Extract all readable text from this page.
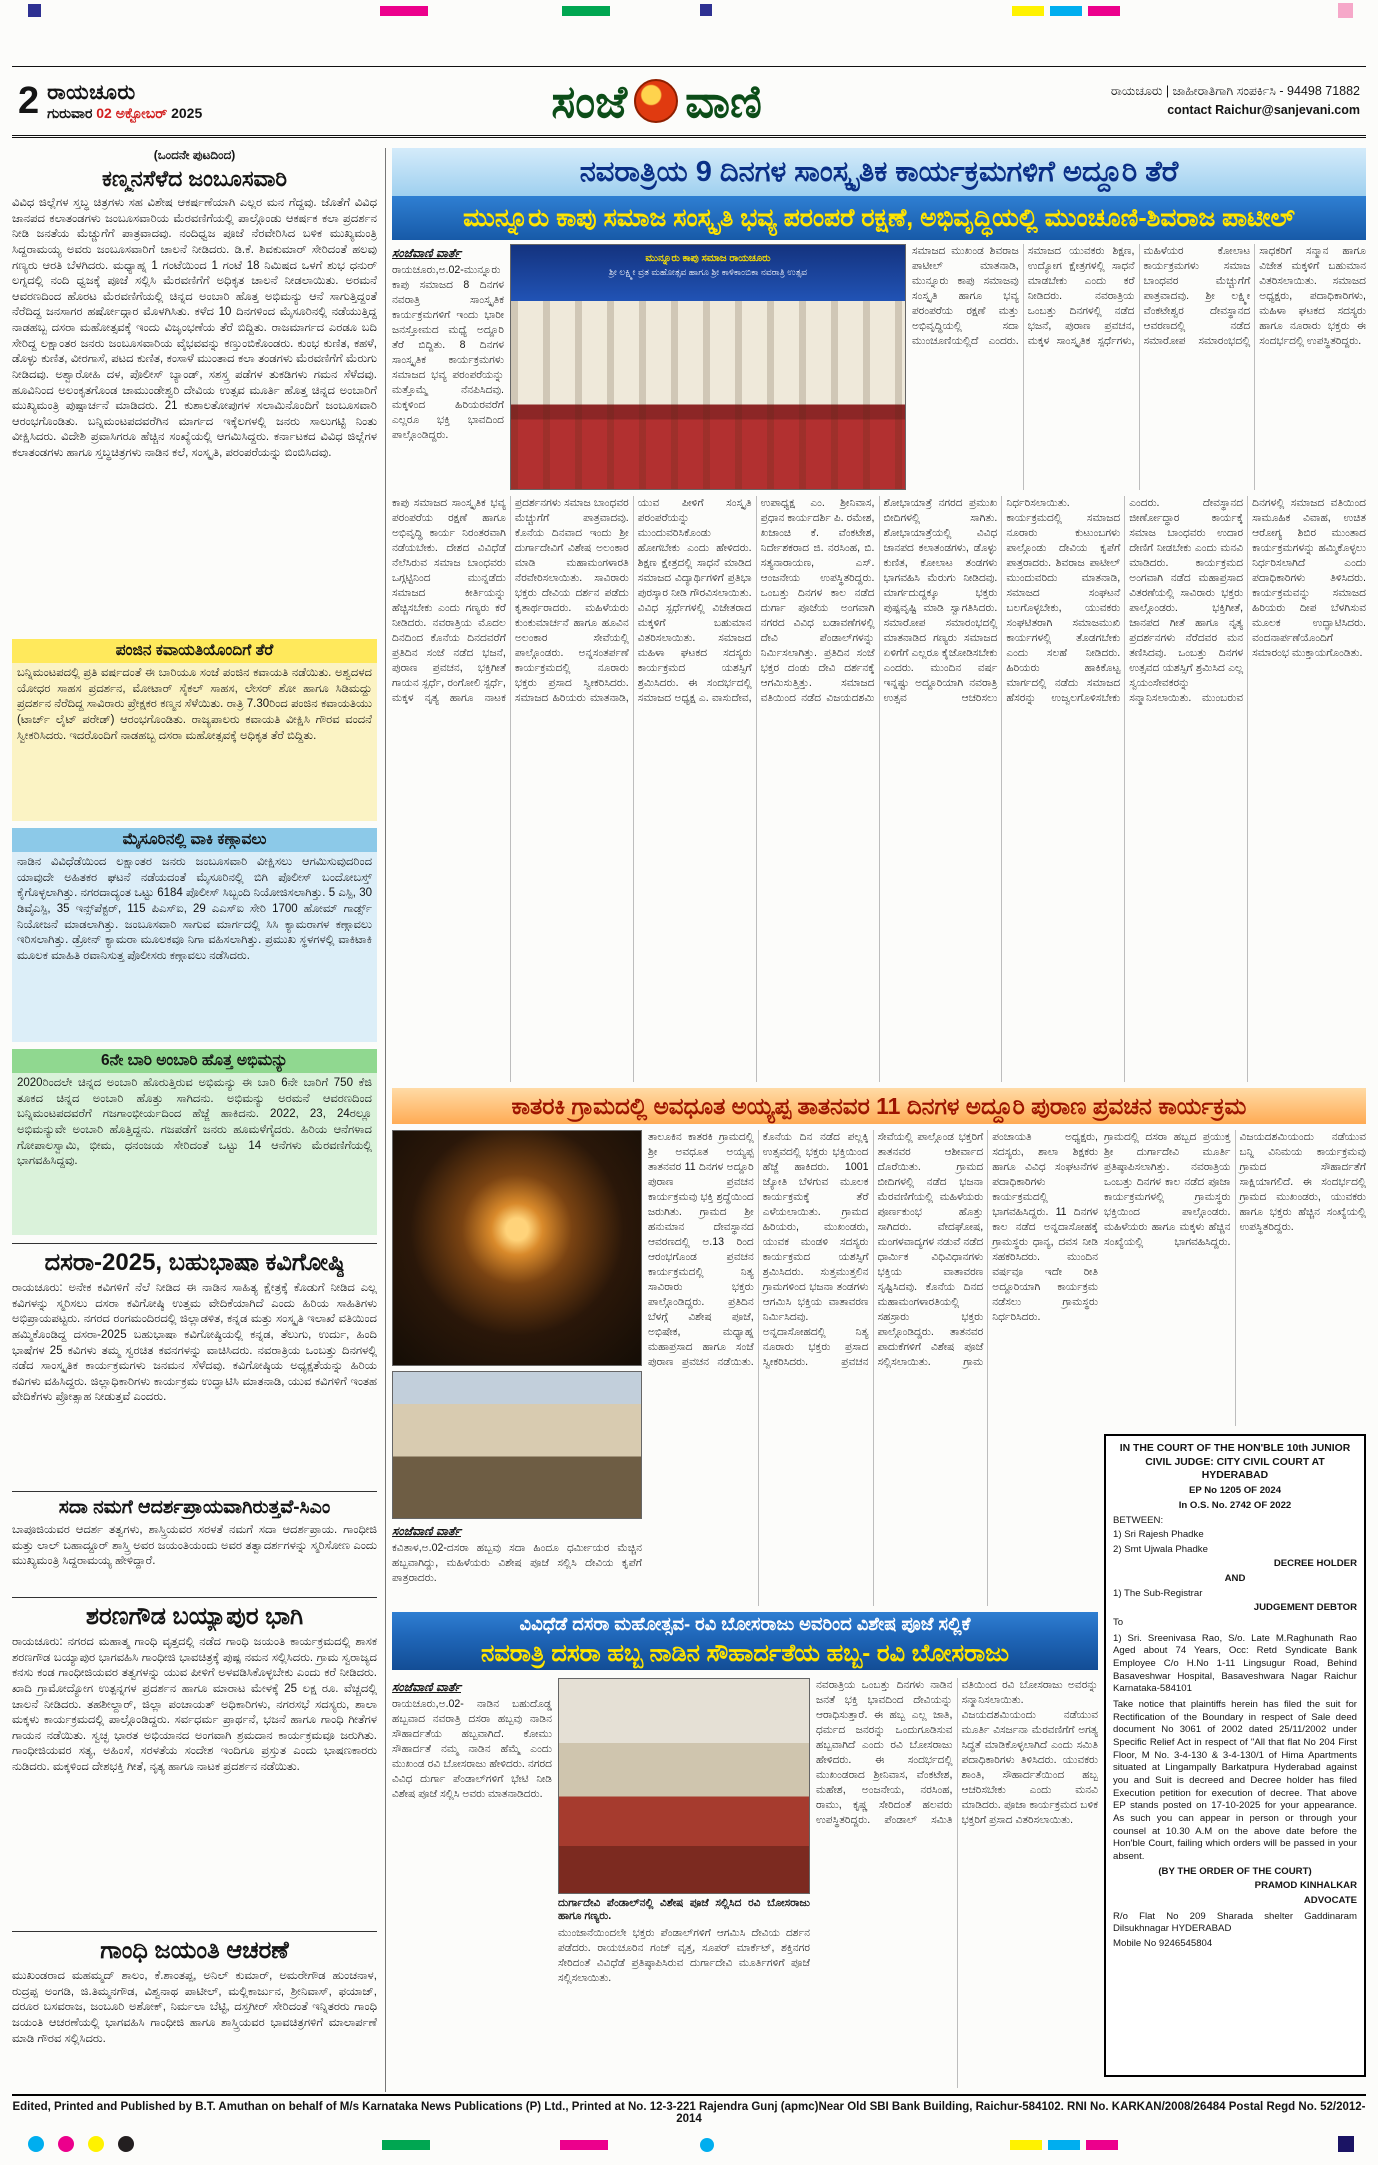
2 ರಾಯಚೂರು
ಗುರುವಾರ 02 ಅಕ್ಟೋಬರ್ 2025	ಸಂಜೆ ವಾಣಿ	ರಾಯಚೂರು | ಜಾಹೀರಾತಿಗಾಗಿ ಸಂಪರ್ಕಿಸಿ - 94498 71882
contact Raichur@sanjevani.com
(ಒಂದನೇ ಪುಟದಿಂದ)
ಕಣ್ಮನಸೆಳೆದ ಜಂಬೂಸವಾರಿ
ವಿವಿಧ ಜಿಲ್ಲೆಗಳ ಸ್ತಬ್ಧ ಚಿತ್ರಗಳು ಸಹ ವಿಶೇಷ ಆಕರ್ಷಣೆಯಾಗಿ ಎಲ್ಲರ ಮನ ಗೆದ್ದವು. ಜೊತೆಗೆ ವಿವಿಧ ಜಾನಪದ ಕಲಾತಂಡಗಳು ಜಂಬೂಸವಾರಿಯ ಮೆರವಣಿಗೆಯಲ್ಲಿ ಪಾಲ್ಗೊಂಡು ಆಕರ್ಷಕ ಕಲಾ ಪ್ರದರ್ಶನ ನೀಡಿ ಜನತೆಯ ಮೆಚ್ಚುಗೆಗೆ ಪಾತ್ರವಾದವು. ನಂದಿಧ್ವಜ ಪೂಜೆ ನೆರವೇರಿಸಿದ ಬಳಿಕ ಮುಖ್ಯಮಂತ್ರಿ ಸಿದ್ದರಾಮಯ್ಯ ಅವರು ಜಂಬೂಸವಾರಿಗೆ ಚಾಲನೆ ನೀಡಿದರು. ಡಿ.ಕೆ. ಶಿವಕುಮಾರ್ ಸೇರಿದಂತೆ ಹಲವು ಗಣ್ಯರು ಆರತಿ ಬೆಳಗಿದರು. ಮಧ್ಯಾಹ್ನ 1 ಗಂಟೆಯಿಂದ 1 ಗಂಟೆ 18 ನಿಮಿಷದ ಒಳಗೆ ಶುಭ ಧನುರ್ ಲಗ್ನದಲ್ಲಿ ನಂದಿ ಧ್ವಜಕ್ಕೆ ಪೂಜೆ ಸಲ್ಲಿಸಿ ಮೆರವಣಿಗೆಗೆ ಅಧಿಕೃತ ಚಾಲನೆ ನೀಡಲಾಯಿತು. ಅರಮನೆ ಆವರಣದಿಂದ ಹೊರಟ ಮೆರವಣಿಗೆಯಲ್ಲಿ ಚಿನ್ನದ ಅಂಬಾರಿ ಹೊತ್ತ ಅಭಿಮನ್ಯು ಆನೆ ಸಾಗುತ್ತಿದ್ದಂತೆ ನೆರೆದಿದ್ದ ಜನಸಾಗರ ಹರ್ಷೋದ್ಗಾರ ಮೊಳಗಿಸಿತು. ಕಳೆದ 10 ದಿನಗಳಿಂದ ಮೈಸೂರಿನಲ್ಲಿ ನಡೆಯುತ್ತಿದ್ದ ನಾಡಹಬ್ಬ ದಸರಾ ಮಹೋತ್ಸವಕ್ಕೆ ಇಂದು ವಿಜೃಂಭಣೆಯ ತೆರೆ ಬಿದ್ದಿತು. ರಾಜಮಾರ್ಗದ ಎರಡೂ ಬದಿ ಸೇರಿದ್ದ ಲಕ್ಷಾಂತರ ಜನರು ಜಂಬೂಸವಾರಿಯ ವೈಭವವನ್ನು ಕಣ್ತುಂಬಿಕೊಂಡರು. ಕುಂಭ ಕುಣಿತ, ಕಹಳೆ, ಡೊಳ್ಳು ಕುಣಿತ, ವೀರಗಾಸೆ, ಪಟದ ಕುಣಿತ, ಕಂಸಾಳೆ ಮುಂತಾದ ಕಲಾ ತಂಡಗಳು ಮೆರವಣಿಗೆಗೆ ಮೆರುಗು ನೀಡಿದವು. ಅಶ್ವಾರೋಹಿ ದಳ, ಪೊಲೀಸ್ ಬ್ಯಾಂಡ್, ಸಶಸ್ತ್ರ ಪಡೆಗಳ ತುಕಡಿಗಳು ಗಮನ ಸೆಳೆದವು. ಹೂವಿನಿಂದ ಅಲಂಕೃತಗೊಂಡ ಚಾಮುಂಡೇಶ್ವರಿ ದೇವಿಯ ಉತ್ಸವ ಮೂರ್ತಿ ಹೊತ್ತ ಚಿನ್ನದ ಅಂಬಾರಿಗೆ ಮುಖ್ಯಮಂತ್ರಿ ಪುಷ್ಪಾರ್ಚನೆ ಮಾಡಿದರು. 21 ಕುಶಾಲತೋಪುಗಳ ಸಲಾಮಿನೊಂದಿಗೆ ಜಂಬೂಸವಾರಿ ಆರಂಭಗೊಂಡಿತು. ಬನ್ನಿಮಂಟಪದವರೆಗಿನ ಮಾರ್ಗದ ಇಕ್ಕೆಲಗಳಲ್ಲಿ ಜನರು ಸಾಲುಗಟ್ಟಿ ನಿಂತು ವೀಕ್ಷಿಸಿದರು. ವಿದೇಶಿ ಪ್ರವಾಸಿಗರೂ ಹೆಚ್ಚಿನ ಸಂಖ್ಯೆಯಲ್ಲಿ ಆಗಮಿಸಿದ್ದರು. ಕರ್ನಾಟಕದ ವಿವಿಧ ಜಿಲ್ಲೆಗಳ ಕಲಾತಂಡಗಳು ಹಾಗೂ ಸ್ತಬ್ಧಚಿತ್ರಗಳು ನಾಡಿನ ಕಲೆ, ಸಂಸ್ಕೃತಿ, ಪರಂಪರೆಯನ್ನು ಬಿಂಬಿಸಿದವು.
ಪಂಜಿನ ಕವಾಯತಿಯೊಂದಿಗೆ ತೆರೆ
ಬನ್ನಿಮಂಟಪದಲ್ಲಿ ಪ್ರತಿ ವರ್ಷದಂತೆ ಈ ಬಾರಿಯೂ ಸಂಜೆ ಪಂಜಿನ ಕವಾಯತಿ ನಡೆಯಿತು. ಅಶ್ವದಳದ ಯೋಧರ ಸಾಹಸ ಪ್ರದರ್ಶನ, ಮೋಟಾರ್ ಸೈಕಲ್ ಸಾಹಸ, ಲೇಸರ್ ಶೋ ಹಾಗೂ ಸಿಡಿಮದ್ದು ಪ್ರದರ್ಶನ ನೆರೆದಿದ್ದ ಸಾವಿರಾರು ಪ್ರೇಕ್ಷಕರ ಕಣ್ಮನ ಸೆಳೆಯಿತು. ರಾತ್ರಿ 7.30ರಿಂದ ಪಂಜಿನ ಕವಾಯತಿಯು (ಟಾರ್ಚ್ ಲೈಟ್ ಪರೇಡ್) ಆರಂಭಗೊಂಡಿತು. ರಾಜ್ಯಪಾಲರು ಕವಾಯತಿ ವೀಕ್ಷಿಸಿ ಗೌರವ ವಂದನೆ ಸ್ವೀಕರಿಸಿದರು. ಇದರೊಂದಿಗೆ ನಾಡಹಬ್ಬ ದಸರಾ ಮಹೋತ್ಸವಕ್ಕೆ ಅಧಿಕೃತ ತೆರೆ ಬಿದ್ದಿತು.
ಮೈಸೂರಿನಲ್ಲಿ ವಾಕಿ ಕಣ್ಗಾವಲು
ನಾಡಿನ ವಿವಿಧೆಡೆಯಿಂದ ಲಕ್ಷಾಂತರ ಜನರು ಜಂಬೂಸವಾರಿ ವೀಕ್ಷಿಸಲು ಆಗಮಿಸುವುದರಿಂದ ಯಾವುದೇ ಅಹಿತಕರ ಘಟನೆ ನಡೆಯದಂತೆ ಮೈಸೂರಿನಲ್ಲಿ ಬಿಗಿ ಪೊಲೀಸ್ ಬಂದೋಬಸ್ತ್ ಕೈಗೊಳ್ಳಲಾಗಿತ್ತು. ನಗರದಾದ್ಯಂತ ಒಟ್ಟು 6184 ಪೊಲೀಸ್ ಸಿಬ್ಬಂದಿ ನಿಯೋಜಿಸಲಾಗಿತ್ತು. 5 ಎಸ್ಪಿ, 30 ಡಿವೈಎಸ್ಪಿ, 35 ಇನ್ಸ್‌ಪೆಕ್ಟರ್, 115 ಪಿಎಸ್ಐ, 29 ಎಎಸ್ಐ ಸೇರಿ 1700 ಹೋಮ್ ಗಾರ್ಡ್ಸ್ ನಿಯೋಜನೆ ಮಾಡಲಾಗಿತ್ತು. ಜಂಬೂಸವಾರಿ ಸಾಗುವ ಮಾರ್ಗದಲ್ಲಿ ಸಿಸಿ ಕ್ಯಾಮರಾಗಳ ಕಣ್ಗಾವಲು ಇರಿಸಲಾಗಿತ್ತು. ಡ್ರೋನ್ ಕ್ಯಾಮರಾ ಮೂಲಕವೂ ನಿಗಾ ವಹಿಸಲಾಗಿತ್ತು. ಪ್ರಮುಖ ಸ್ಥಳಗಳಲ್ಲಿ ವಾಕಿಟಾಕಿ ಮೂಲಕ ಮಾಹಿತಿ ರವಾನಿಸುತ್ತ ಪೊಲೀಸರು ಕಣ್ಗಾವಲು ನಡೆಸಿದರು.
6ನೇ ಬಾರಿ ಅಂಬಾರಿ ಹೊತ್ತ ಅಭಿಮನ್ಯು
2020ರಿಂದಲೇ ಚಿನ್ನದ ಅಂಬಾರಿ ಹೊರುತ್ತಿರುವ ಅಭಿಮನ್ಯು ಈ ಬಾರಿ 6ನೇ ಬಾರಿಗೆ 750 ಕೆಜಿ ತೂಕದ ಚಿನ್ನದ ಅಂಬಾರಿ ಹೊತ್ತು ಸಾಗಿದನು. ಅಭಿಮನ್ಯು ಅರಮನೆ ಆವರಣದಿಂದ ಬನ್ನಿಮಂಟಪದವರೆಗೆ ಗಜಗಾಂಭೀರ್ಯದಿಂದ ಹೆಜ್ಜೆ ಹಾಕಿದನು. 2022, 23, 24ರಲ್ಲೂ ಅಭಿಮನ್ಯುವೇ ಅಂಬಾರಿ ಹೊತ್ತಿದ್ದನು. ಗಜಪಡೆಗೆ ಜನರು ಹೂಮಳೆಗೈದರು. ಹಿರಿಯ ಆನೆಗಳಾದ ಗೋಪಾಲಸ್ವಾಮಿ, ಭೀಮ, ಧನಂಜಯ ಸೇರಿದಂತೆ ಒಟ್ಟು 14 ಆನೆಗಳು ಮೆರವಣಿಗೆಯಲ್ಲಿ ಭಾಗವಹಿಸಿದ್ದವು.
ದಸರಾ-2025, ಬಹುಭಾಷಾ ಕವಿಗೋಷ್ಠಿ
ರಾಯಚೂರು: ಅನೇಕ ಕವಿಗಳಿಗೆ ನೆಲೆ ನೀಡಿದ ಈ ನಾಡಿನ ಸಾಹಿತ್ಯ ಕ್ಷೇತ್ರಕ್ಕೆ ಕೊಡುಗೆ ನೀಡಿದ ಎಲ್ಲ ಕವಿಗಳನ್ನು ಸ್ಮರಿಸಲು ದಸರಾ ಕವಿಗೋಷ್ಠಿ ಉತ್ತಮ ವೇದಿಕೆಯಾಗಿದೆ ಎಂದು ಹಿರಿಯ ಸಾಹಿತಿಗಳು ಅಭಿಪ್ರಾಯಪಟ್ಟರು. ನಗರದ ರಂಗಮಂದಿರದಲ್ಲಿ ಜಿಲ್ಲಾಡಳಿತ, ಕನ್ನಡ ಮತ್ತು ಸಂಸ್ಕೃತಿ ಇಲಾಖೆ ವತಿಯಿಂದ ಹಮ್ಮಿಕೊಂಡಿದ್ದ ದಸರಾ-2025 ಬಹುಭಾಷಾ ಕವಿಗೋಷ್ಠಿಯಲ್ಲಿ ಕನ್ನಡ, ತೆಲುಗು, ಉರ್ದು, ಹಿಂದಿ ಭಾಷೆಗಳ 25 ಕವಿಗಳು ತಮ್ಮ ಸ್ವರಚಿತ ಕವನಗಳನ್ನು ವಾಚಿಸಿದರು. ನವರಾತ್ರಿಯ ಒಂಬತ್ತು ದಿನಗಳಲ್ಲಿ ನಡೆದ ಸಾಂಸ್ಕೃತಿಕ ಕಾರ್ಯಕ್ರಮಗಳು ಜನಮನ ಸೆಳೆದವು. ಕವಿಗೋಷ್ಠಿಯ ಅಧ್ಯಕ್ಷತೆಯನ್ನು ಹಿರಿಯ ಕವಿಗಳು ವಹಿಸಿದ್ದರು. ಜಿಲ್ಲಾಧಿಕಾರಿಗಳು ಕಾರ್ಯಕ್ರಮ ಉದ್ಘಾಟಿಸಿ ಮಾತನಾಡಿ, ಯುವ ಕವಿಗಳಿಗೆ ಇಂತಹ ವೇದಿಕೆಗಳು ಪ್ರೋತ್ಸಾಹ ನೀಡುತ್ತವೆ ಎಂದರು.
ಸದಾ ನಮಗೆ ಆದರ್ಶಪ್ರಾಯವಾಗಿರುತ್ತವೆ-ಸಿಎಂ
ಬಾಪೂಜಿಯವರ ಆದರ್ಶ ತತ್ವಗಳು, ಶಾಸ್ತ್ರಿಯವರ ಸರಳತೆ ನಮಗೆ ಸದಾ ಆದರ್ಶಪ್ರಾಯ. ಗಾಂಧೀಜಿ ಮತ್ತು ಲಾಲ್ ಬಹಾದ್ದೂರ್ ಶಾಸ್ತ್ರಿ ಅವರ ಜಯಂತಿಯಂದು ಅವರ ತತ್ವಾದರ್ಶಗಳನ್ನು ಸ್ಮರಿಸೋಣ ಎಂದು ಮುಖ್ಯಮಂತ್ರಿ ಸಿದ್ದರಾಮಯ್ಯ ಹೇಳಿದ್ದಾರೆ.
ಶರಣಗೌಡ ಬಯ್ಯಾಪುರ ಭಾಗಿ
ರಾಯಚೂರು: ನಗರದ ಮಹಾತ್ಮ ಗಾಂಧಿ ವೃತ್ತದಲ್ಲಿ ನಡೆದ ಗಾಂಧಿ ಜಯಂತಿ ಕಾರ್ಯಕ್ರಮದಲ್ಲಿ ಶಾಸಕ ಶರಣಗೌಡ ಬಯ್ಯಾಪುರ ಭಾಗವಹಿಸಿ ಗಾಂಧೀಜಿ ಭಾವಚಿತ್ರಕ್ಕೆ ಪುಷ್ಪ ನಮನ ಸಲ್ಲಿಸಿದರು. ಗ್ರಾಮ ಸ್ವರಾಜ್ಯದ ಕನಸು ಕಂಡ ಗಾಂಧೀಜಿಯವರ ತತ್ವಗಳನ್ನು ಯುವ ಪೀಳಿಗೆ ಅಳವಡಿಸಿಕೊಳ್ಳಬೇಕು ಎಂದು ಕರೆ ನೀಡಿದರು. ಖಾದಿ ಗ್ರಾಮೋದ್ಯೋಗ ಉತ್ಪನ್ನಗಳ ಪ್ರದರ್ಶನ ಹಾಗೂ ಮಾರಾಟ ಮೇಳಕ್ಕೆ 25 ಲಕ್ಷ ರೂ. ವೆಚ್ಚದಲ್ಲಿ ಚಾಲನೆ ನೀಡಿದರು. ತಹಶೀಲ್ದಾರ್, ಜಿಲ್ಲಾ ಪಂಚಾಯತ್ ಅಧಿಕಾರಿಗಳು, ನಗರಸಭೆ ಸದಸ್ಯರು, ಶಾಲಾ ಮಕ್ಕಳು ಕಾರ್ಯಕ್ರಮದಲ್ಲಿ ಪಾಲ್ಗೊಂಡಿದ್ದರು. ಸರ್ವಧರ್ಮ ಪ್ರಾರ್ಥನೆ, ಭಜನೆ ಹಾಗೂ ಗಾಂಧಿ ಗೀತೆಗಳ ಗಾಯನ ನಡೆಯಿತು. ಸ್ವಚ್ಛ ಭಾರತ ಅಭಿಯಾನದ ಅಂಗವಾಗಿ ಶ್ರಮದಾನ ಕಾರ್ಯಕ್ರಮವೂ ಜರುಗಿತು. ಗಾಂಧೀಜಿಯವರ ಸತ್ಯ, ಅಹಿಂಸೆ, ಸರಳತೆಯ ಸಂದೇಶ ಇಂದಿಗೂ ಪ್ರಸ್ತುತ ಎಂದು ಭಾಷಣಕಾರರು ನುಡಿದರು. ಮಕ್ಕಳಿಂದ ದೇಶಭಕ್ತಿ ಗೀತೆ, ನೃತ್ಯ ಹಾಗೂ ನಾಟಕ ಪ್ರದರ್ಶನ ನಡೆಯಿತು.
ಗಾಂಧಿ ಜಯಂತಿ ಆಚರಣೆ
ಮುಖಂಡರಾದ ಮಹಮ್ಮದ್ ಶಾಲಂ, ಕೆ.ಶಾಂತಪ್ಪ, ಅನಿಲ್ ಕುಮಾರ್, ಅಮರೇಗೌಡ ಹುಂಚನಾಳ, ರುದ್ರಪ್ಪ ಅಂಗಡಿ, ಜಿ.ತಿಮ್ಮನಗೌಡ, ವಿಶ್ವನಾಥ ಪಾಟೀಲ್, ಮಲ್ಲಿಕಾರ್ಜುನ, ಶ್ರೀನಿವಾಸ್, ಫಯಾಜ್, ದರೂರ ಬಸವರಾಜ, ಜಂಬೂರಿ ಅಶೋಕ್, ನಿರ್ಮಲಾ ಬೆಟ್ಟಿ, ದಸ್ತಗೀರ್ ಸೇರಿದಂತೆ ಇನ್ನಿತರರು ಗಾಂಧಿ ಜಯಂತಿ ಆಚರಣೆಯಲ್ಲಿ ಭಾಗವಹಿಸಿ ಗಾಂಧೀಜಿ ಹಾಗೂ ಶಾಸ್ತ್ರಿಯವರ ಭಾವಚಿತ್ರಗಳಿಗೆ ಮಾಲಾರ್ಪಣೆ ಮಾಡಿ ಗೌರವ ಸಲ್ಲಿಸಿದರು.
ನವರಾತ್ರಿಯ 9 ದಿನಗಳ ಸಾಂಸ್ಕೃತಿಕ ಕಾರ್ಯಕ್ರಮಗಳಿಗೆ ಅದ್ದೂರಿ ತೆರೆ
ಮುನ್ನೂರು ಕಾಪು ಸಮಾಜ ಸಂಸ್ಕೃತಿ ಭವ್ಯ ಪರಂಪರೆ ರಕ್ಷಣೆ, ಅಭಿವೃದ್ಧಿಯಲ್ಲಿ ಮುಂಚೂಣಿ-ಶಿವರಾಜ ಪಾಟೀಲ್
ಸಂಜೆವಾಣಿ ವಾರ್ತೆ
ರಾಯಚೂರು,ಅ.02-ಮುನ್ನೂರು ಕಾಪು ಸಮಾಜದ 8 ದಿನಗಳ ನವರಾತ್ರಿ ಸಾಂಸ್ಕೃತಿಕ ಕಾರ್ಯಕ್ರಮಗಳಿಗೆ ಇಂದು ಭಾರೀ ಜನಸ್ತೋಮದ ಮಧ್ಯೆ ಅದ್ದೂರಿ ತೆರೆ ಬಿದ್ದಿತು. 8 ದಿನಗಳ ಸಾಂಸ್ಕೃತಿಕ ಕಾರ್ಯಕ್ರಮಗಳು ಸಮಾಜದ ಭವ್ಯ ಪರಂಪರೆಯನ್ನು ಮತ್ತೊಮ್ಮೆ ನೆನಪಿಸಿದವು. ಮಕ್ಕಳಿಂದ ಹಿರಿಯರವರೆಗೆ ಎಲ್ಲರೂ ಭಕ್ತಿ ಭಾವದಿಂದ ಪಾಲ್ಗೊಂಡಿದ್ದರು.
ಮುನ್ನೂರು ಕಾಪು ಸಮಾಜ ರಾಯಚೂರು
ಶ್ರೀ ಲಕ್ಷ್ಮೀ ವ್ರತ ಮಹೋತ್ಸವ ಹಾಗೂ ಶ್ರೀ ಕಾಳಿಕಾಂಬಿಕಾ ನವರಾತ್ರಿ ಉತ್ಸವ
ಸಮಾಜದ ಮುಖಂಡ ಶಿವರಾಜ ಪಾಟೀಲ್ ಮಾತನಾಡಿ, ಮುನ್ನೂರು ಕಾಪು ಸಮಾಜವು ಸಂಸ್ಕೃತಿ ಹಾಗೂ ಭವ್ಯ ಪರಂಪರೆಯ ರಕ್ಷಣೆ ಮತ್ತು ಅಭಿವೃದ್ಧಿಯಲ್ಲಿ ಸದಾ ಮುಂಚೂಣಿಯಲ್ಲಿದೆ ಎಂದರು. ಸಮಾಜದ ಯುವಕರು ಶಿಕ್ಷಣ, ಉದ್ಯೋಗ ಕ್ಷೇತ್ರಗಳಲ್ಲಿ ಸಾಧನೆ ಮಾಡಬೇಕು ಎಂದು ಕರೆ ನೀಡಿದರು. ನವರಾತ್ರಿಯ ಒಂಬತ್ತು ದಿನಗಳಲ್ಲಿ ನಡೆದ ಭಜನೆ, ಪುರಾಣ ಪ್ರವಚನ, ಮಕ್ಕಳ ಸಾಂಸ್ಕೃತಿಕ ಸ್ಪರ್ಧೆಗಳು, ಮಹಿಳೆಯರ ಕೋಲಾಟ ಕಾರ್ಯಕ್ರಮಗಳು ಸಮಾಜ ಬಾಂಧವರ ಮೆಚ್ಚುಗೆಗೆ ಪಾತ್ರವಾದವು. ಶ್ರೀ ಲಕ್ಷ್ಮೀ ವೆಂಕಟೇಶ್ವರ ದೇವಸ್ಥಾನದ ಆವರಣದಲ್ಲಿ ನಡೆದ ಸಮಾರೋಪ ಸಮಾರಂಭದಲ್ಲಿ ಸಾಧಕರಿಗೆ ಸನ್ಮಾನ ಹಾಗೂ ವಿಜೇತ ಮಕ್ಕಳಿಗೆ ಬಹುಮಾನ ವಿತರಿಸಲಾಯಿತು. ಸಮಾಜದ ಅಧ್ಯಕ್ಷರು, ಪದಾಧಿಕಾರಿಗಳು, ಮಹಿಳಾ ಘಟಕದ ಸದಸ್ಯರು ಹಾಗೂ ನೂರಾರು ಭಕ್ತರು ಈ ಸಂದರ್ಭದಲ್ಲಿ ಉಪಸ್ಥಿತರಿದ್ದರು.
ಕಾಪು ಸಮಾಜದ ಸಾಂಸ್ಕೃತಿಕ ಭವ್ಯ ಪರಂಪರೆಯ ರಕ್ಷಣೆ ಹಾಗೂ ಅಭಿವೃದ್ಧಿ ಕಾರ್ಯ ನಿರಂತರವಾಗಿ ನಡೆಯಬೇಕು. ದೇಶದ ವಿವಿಧೆಡೆ ನೆಲೆಸಿರುವ ಸಮಾಜ ಬಾಂಧವರು ಒಗ್ಗಟ್ಟಿನಿಂದ ಮುನ್ನಡೆದು ಸಮಾಜದ ಕೀರ್ತಿಯನ್ನು ಹೆಚ್ಚಿಸಬೇಕು ಎಂದು ಗಣ್ಯರು ಕರೆ ನೀಡಿದರು. ನವರಾತ್ರಿಯ ಮೊದಲ ದಿನದಿಂದ ಕೊನೆಯ ದಿನದವರೆಗೆ ಪ್ರತಿದಿನ ಸಂಜೆ ನಡೆದ ಭಜನೆ, ಪುರಾಣ ಪ್ರವಚನ, ಭಕ್ತಿಗೀತೆ ಗಾಯನ ಸ್ಪರ್ಧೆ, ರಂಗೋಲಿ ಸ್ಪರ್ಧೆ, ಮಕ್ಕಳ ನೃತ್ಯ ಹಾಗೂ ನಾಟಕ ಪ್ರದರ್ಶನಗಳು ಸಮಾಜ ಬಾಂಧವರ ಮೆಚ್ಚುಗೆಗೆ ಪಾತ್ರವಾದವು. ಕೊನೆಯ ದಿನವಾದ ಇಂದು ಶ್ರೀ ದುರ್ಗಾದೇವಿಗೆ ವಿಶೇಷ ಅಲಂಕಾರ ಮಾಡಿ ಮಹಾಮಂಗಳಾರತಿ ನೆರವೇರಿಸಲಾಯಿತು. ಸಾವಿರಾರು ಭಕ್ತರು ದೇವಿಯ ದರ್ಶನ ಪಡೆದು ಕೃತಾರ್ಥರಾದರು. ಮಹಿಳೆಯರು ಕುಂಕುಮಾರ್ಚನೆ ಹಾಗೂ ಹೂವಿನ ಅಲಂಕಾರ ಸೇವೆಯಲ್ಲಿ ಪಾಲ್ಗೊಂಡರು. ಅನ್ನಸಂತರ್ಪಣೆ ಕಾರ್ಯಕ್ರಮದಲ್ಲಿ ನೂರಾರು ಭಕ್ತರು ಪ್ರಸಾದ ಸ್ವೀಕರಿಸಿದರು. ಸಮಾಜದ ಹಿರಿಯರು ಮಾತನಾಡಿ, ಯುವ ಪೀಳಿಗೆ ಸಂಸ್ಕೃತಿ ಪರಂಪರೆಯನ್ನು ಮುಂದುವರಿಸಿಕೊಂಡು ಹೋಗಬೇಕು ಎಂದು ಹೇಳಿದರು. ಶಿಕ್ಷಣ ಕ್ಷೇತ್ರದಲ್ಲಿ ಸಾಧನೆ ಮಾಡಿದ ಸಮಾಜದ ವಿದ್ಯಾರ್ಥಿಗಳಿಗೆ ಪ್ರತಿಭಾ ಪುರಸ್ಕಾರ ನೀಡಿ ಗೌರವಿಸಲಾಯಿತು. ವಿವಿಧ ಸ್ಪರ್ಧೆಗಳಲ್ಲಿ ವಿಜೇತರಾದ ಮಕ್ಕಳಿಗೆ ಬಹುಮಾನ ವಿತರಿಸಲಾಯಿತು. ಸಮಾಜದ ಮಹಿಳಾ ಘಟಕದ ಸದಸ್ಯರು ಕಾರ್ಯಕ್ರಮದ ಯಶಸ್ಸಿಗೆ ಶ್ರಮಿಸಿದರು. ಈ ಸಂದರ್ಭದಲ್ಲಿ ಸಮಾಜದ ಅಧ್ಯಕ್ಷ ಎ. ವಾಸುದೇವ, ಉಪಾಧ್ಯಕ್ಷ ಎಂ. ಶ್ರೀನಿವಾಸ, ಪ್ರಧಾನ ಕಾರ್ಯದರ್ಶಿ ಪಿ. ರಮೇಶ, ಖಜಾಂಚಿ ಕೆ. ವೆಂಕಟೇಶ, ನಿರ್ದೇಶಕರಾದ ಜಿ. ನರಸಿಂಹ, ಬಿ. ಸತ್ಯನಾರಾಯಣ, ಎಸ್. ಆಂಜನೇಯ ಉಪಸ್ಥಿತರಿದ್ದರು. ಒಂಬತ್ತು ದಿನಗಳ ಕಾಲ ನಡೆದ ದುರ್ಗಾ ಪೂಜೆಯ ಅಂಗವಾಗಿ ನಗರದ ವಿವಿಧ ಬಡಾವಣೆಗಳಲ್ಲಿ ದೇವಿ ಪೆಂಡಾಲ್‌ಗಳನ್ನು ನಿರ್ಮಿಸಲಾಗಿತ್ತು. ಪ್ರತಿದಿನ ಸಂಜೆ ಭಕ್ತರ ದಂಡು ದೇವಿ ದರ್ಶನಕ್ಕೆ ಆಗಮಿಸುತ್ತಿತ್ತು. ಸಮಾಜದ ವತಿಯಿಂದ ನಡೆದ ವಿಜಯದಶಮಿ ಶೋಭಾಯಾತ್ರೆ ನಗರದ ಪ್ರಮುಖ ಬೀದಿಗಳಲ್ಲಿ ಸಾಗಿತು. ಶೋಭಾಯಾತ್ರೆಯಲ್ಲಿ ವಿವಿಧ ಜಾನಪದ ಕಲಾತಂಡಗಳು, ಡೊಳ್ಳು ಕುಣಿತ, ಕೋಲಾಟ ತಂಡಗಳು ಭಾಗವಹಿಸಿ ಮೆರುಗು ನೀಡಿದವು. ಮಾರ್ಗದುದ್ದಕ್ಕೂ ಭಕ್ತರು ಪುಷ್ಪವೃಷ್ಟಿ ಮಾಡಿ ಸ್ವಾಗತಿಸಿದರು. ಸಮಾರೋಪ ಸಮಾರಂಭದಲ್ಲಿ ಮಾತನಾಡಿದ ಗಣ್ಯರು ಸಮಾಜದ ಏಳಿಗೆಗೆ ಎಲ್ಲರೂ ಕೈಜೋಡಿಸಬೇಕು ಎಂದರು. ಮುಂದಿನ ವರ್ಷ ಇನ್ನಷ್ಟು ಅದ್ದೂರಿಯಾಗಿ ನವರಾತ್ರಿ ಉತ್ಸವ ಆಚರಿಸಲು ನಿರ್ಧರಿಸಲಾಯಿತು. ಕಾರ್ಯಕ್ರಮದಲ್ಲಿ ಸಮಾಜದ ನೂರಾರು ಕುಟುಂಬಗಳು ಪಾಲ್ಗೊಂಡು ದೇವಿಯ ಕೃಪೆಗೆ ಪಾತ್ರರಾದರು. ಶಿವರಾಜ ಪಾಟೀಲ್ ಮುಂದುವರಿದು ಮಾತನಾಡಿ, ಸಮಾಜದ ಸಂಘಟನೆ ಬಲಗೊಳ್ಳಬೇಕು, ಯುವಕರು ಸಂಘಟಿತರಾಗಿ ಸಮಾಜಮುಖಿ ಕಾರ್ಯಗಳಲ್ಲಿ ತೊಡಗಬೇಕು ಎಂದು ಸಲಹೆ ನೀಡಿದರು. ಹಿರಿಯರು ಹಾಕಿಕೊಟ್ಟ ಮಾರ್ಗದಲ್ಲಿ ನಡೆದು ಸಮಾಜದ ಹೆಸರನ್ನು ಉಜ್ವಲಗೊಳಿಸಬೇಕು ಎಂದರು. ದೇವಸ್ಥಾನದ ಜೀರ್ಣೋದ್ಧಾರ ಕಾರ್ಯಕ್ಕೆ ಸಮಾಜ ಬಾಂಧವರು ಉದಾರ ದೇಣಿಗೆ ನೀಡಬೇಕು ಎಂದು ಮನವಿ ಮಾಡಿದರು. ಕಾರ್ಯಕ್ರಮದ ಅಂಗವಾಗಿ ನಡೆದ ಮಹಾಪ್ರಸಾದ ವಿತರಣೆಯಲ್ಲಿ ಸಾವಿರಾರು ಭಕ್ತರು ಪಾಲ್ಗೊಂಡರು. ಭಕ್ತಿಗೀತೆ, ಜಾನಪದ ಗೀತೆ ಹಾಗೂ ನೃತ್ಯ ಪ್ರದರ್ಶನಗಳು ನೆರೆದವರ ಮನ ತಣಿಸಿದವು. ಒಂಬತ್ತು ದಿನಗಳ ಉತ್ಸವದ ಯಶಸ್ಸಿಗೆ ಶ್ರಮಿಸಿದ ಎಲ್ಲ ಸ್ವಯಂಸೇವಕರನ್ನು ಸನ್ಮಾನಿಸಲಾಯಿತು. ಮುಂಬರುವ ದಿನಗಳಲ್ಲಿ ಸಮಾಜದ ವತಿಯಿಂದ ಸಾಮೂಹಿಕ ವಿವಾಹ, ಉಚಿತ ಆರೋಗ್ಯ ಶಿಬಿರ ಮುಂತಾದ ಕಾರ್ಯಕ್ರಮಗಳನ್ನು ಹಮ್ಮಿಕೊಳ್ಳಲು ನಿರ್ಧರಿಸಲಾಗಿದೆ ಎಂದು ಪದಾಧಿಕಾರಿಗಳು ತಿಳಿಸಿದರು. ಕಾರ್ಯಕ್ರಮವನ್ನು ಸಮಾಜದ ಹಿರಿಯರು ದೀಪ ಬೆಳಗಿಸುವ ಮೂಲಕ ಉದ್ಘಾಟಿಸಿದರು. ವಂದನಾರ್ಪಣೆಯೊಂದಿಗೆ ಸಮಾರಂಭ ಮುಕ್ತಾಯಗೊಂಡಿತು.
ಕಾತರಕಿ ಗ್ರಾಮದಲ್ಲಿ ಅವಧೂತ ಅಯ್ಯಪ್ಪ ತಾತನವರ 11 ದಿನಗಳ ಅದ್ದೂರಿ ಪುರಾಣ ಪ್ರವಚನ ಕಾರ್ಯಕ್ರಮ
ಸಂಜೆವಾಣಿ ವಾರ್ತೆ
ಕವಿತಾಳ,ಅ.02-ದಸರಾ ಹಬ್ಬವು ಸದಾ ಹಿಂದೂ ಧರ್ಮೀಯರ ಮೆಚ್ಚಿನ ಹಬ್ಬವಾಗಿದ್ದು, ಮಹಿಳೆಯರು ವಿಶೇಷ ಪೂಜೆ ಸಲ್ಲಿಸಿ ದೇವಿಯ ಕೃಪೆಗೆ ಪಾತ್ರರಾದರು.
ತಾಲೂಕಿನ ಕಾತರಕಿ ಗ್ರಾಮದಲ್ಲಿ ಶ್ರೀ ಅವಧೂತ ಅಯ್ಯಪ್ಪ ತಾತನವರ 11 ದಿನಗಳ ಅದ್ದೂರಿ ಪುರಾಣ ಪ್ರವಚನ ಕಾರ್ಯಕ್ರಮವು ಭಕ್ತಿ ಶ್ರದ್ಧೆಯಿಂದ ಜರುಗಿತು. ಗ್ರಾಮದ ಶ್ರೀ ಹನುಮಾನ ದೇವಸ್ಥಾನದ ಆವರಣದಲ್ಲಿ ಅ.13 ರಿಂದ ಆರಂಭಗೊಂಡ ಪ್ರವಚನ ಕಾರ್ಯಕ್ರಮದಲ್ಲಿ ನಿತ್ಯ ಸಾವಿರಾರು ಭಕ್ತರು ಪಾಲ್ಗೊಂಡಿದ್ದರು. ಪ್ರತಿದಿನ ಬೆಳಗ್ಗೆ ವಿಶೇಷ ಪೂಜೆ, ಅಭಿಷೇಕ, ಮಧ್ಯಾಹ್ನ ಮಹಾಪ್ರಸಾದ ಹಾಗೂ ಸಂಜೆ ಪುರಾಣ ಪ್ರವಚನ ನಡೆಯಿತು. ಕೊನೆಯ ದಿನ ನಡೆದ ಪಲ್ಲಕ್ಕಿ ಉತ್ಸವದಲ್ಲಿ ಭಕ್ತರು ಭಕ್ತಿಯಿಂದ ಹೆಜ್ಜೆ ಹಾಕಿದರು. 1001 ಜ್ಯೋತಿ ಬೆಳಗುವ ಮೂಲಕ ಕಾರ್ಯಕ್ರಮಕ್ಕೆ ತೆರೆ ಎಳೆಯಲಾಯಿತು. ಗ್ರಾಮದ ಹಿರಿಯರು, ಮುಖಂಡರು, ಯುವಕ ಮಂಡಳಿ ಸದಸ್ಯರು ಕಾರ್ಯಕ್ರಮದ ಯಶಸ್ಸಿಗೆ ಶ್ರಮಿಸಿದರು. ಸುತ್ತಮುತ್ತಲಿನ ಗ್ರಾಮಗಳಿಂದ ಭಜನಾ ತಂಡಗಳು ಆಗಮಿಸಿ ಭಕ್ತಿಯ ವಾತಾವರಣ ನಿರ್ಮಿಸಿದವು. ಅನ್ನದಾಸೋಹದಲ್ಲಿ ನಿತ್ಯ ನೂರಾರು ಭಕ್ತರು ಪ್ರಸಾದ ಸ್ವೀಕರಿಸಿದರು. ಪ್ರವಚನ ಸೇವೆಯಲ್ಲಿ ಪಾಲ್ಗೊಂಡ ಭಕ್ತರಿಗೆ ತಾತನವರ ಆಶೀರ್ವಾದ ದೊರೆಯಿತು. ಗ್ರಾಮದ ಬೀದಿಗಳಲ್ಲಿ ನಡೆದ ಭಜನಾ ಮೆರವಣಿಗೆಯಲ್ಲಿ ಮಹಿಳೆಯರು ಪೂರ್ಣಕುಂಭ ಹೊತ್ತು ಸಾಗಿದರು. ವೇದಘೋಷ, ಮಂಗಳವಾದ್ಯಗಳ ನಡುವೆ ನಡೆದ ಧಾರ್ಮಿಕ ವಿಧಿವಿಧಾನಗಳು ಭಕ್ತಿಯ ವಾತಾವರಣ ಸೃಷ್ಟಿಸಿದವು. ಕೊನೆಯ ದಿನದ ಮಹಾಮಂಗಳಾರತಿಯಲ್ಲಿ ಸಹಸ್ರಾರು ಭಕ್ತರು ಪಾಲ್ಗೊಂಡಿದ್ದರು. ತಾತನವರ ಪಾದುಕೆಗಳಿಗೆ ವಿಶೇಷ ಪೂಜೆ ಸಲ್ಲಿಸಲಾಯಿತು. ಗ್ರಾಮ ಪಂಚಾಯತಿ ಅಧ್ಯಕ್ಷರು, ಸದಸ್ಯರು, ಶಾಲಾ ಶಿಕ್ಷಕರು ಹಾಗೂ ವಿವಿಧ ಸಂಘಟನೆಗಳ ಪದಾಧಿಕಾರಿಗಳು ಕಾರ್ಯಕ್ರಮದಲ್ಲಿ ಭಾಗವಹಿಸಿದ್ದರು. 11 ದಿನಗಳ ಕಾಲ ನಡೆದ ಅನ್ನದಾಸೋಹಕ್ಕೆ ಗ್ರಾಮಸ್ಥರು ಧಾನ್ಯ, ದವಸ ನೀಡಿ ಸಹಕರಿಸಿದರು. ಮುಂದಿನ ವರ್ಷವೂ ಇದೇ ರೀತಿ ಅದ್ದೂರಿಯಾಗಿ ಕಾರ್ಯಕ್ರಮ ನಡೆಸಲು ಗ್ರಾಮಸ್ಥರು ನಿರ್ಧರಿಸಿದರು.
ಗ್ರಾಮದಲ್ಲಿ ದಸರಾ ಹಬ್ಬದ ಪ್ರಯುಕ್ತ ಶ್ರೀ ದುರ್ಗಾದೇವಿ ಮೂರ್ತಿ ಪ್ರತಿಷ್ಠಾಪಿಸಲಾಗಿತ್ತು. ನವರಾತ್ರಿಯ ಒಂಬತ್ತು ದಿನಗಳ ಕಾಲ ನಡೆದ ಪೂಜಾ ಕಾರ್ಯಕ್ರಮಗಳಲ್ಲಿ ಗ್ರಾಮಸ್ಥರು ಭಕ್ತಿಯಿಂದ ಪಾಲ್ಗೊಂಡರು. ಮಹಿಳೆಯರು ಹಾಗೂ ಮಕ್ಕಳು ಹೆಚ್ಚಿನ ಸಂಖ್ಯೆಯಲ್ಲಿ ಭಾಗವಹಿಸಿದ್ದರು. ವಿಜಯದಶಮಿಯಂದು ನಡೆಯುವ ಬನ್ನಿ ವಿನಿಮಯ ಕಾರ್ಯಕ್ರಮವು ಗ್ರಾಮದ ಸೌಹಾರ್ದತೆಗೆ ಸಾಕ್ಷಿಯಾಗಲಿದೆ. ಈ ಸಂದರ್ಭದಲ್ಲಿ ಗ್ರಾಮದ ಮುಖಂಡರು, ಯುವಕರು ಹಾಗೂ ಭಕ್ತರು ಹೆಚ್ಚಿನ ಸಂಖ್ಯೆಯಲ್ಲಿ ಉಪಸ್ಥಿತರಿದ್ದರು.
IN THE COURT OF THE HON'BLE 10th JUNIOR CIVIL JUDGE: CITY CIVIL COURT AT HYDERABAD
EP No 1205 OF 2024
In O.S. No. 2742 OF 2022
BETWEEN:
1) Sri Rajesh Phadke
2) Smt Ujwala Phadke
DECREE HOLDER
AND
1) The Sub-Registrar
JUDGEMENT DEBTOR
To
1) Sri. Sreenivasa Rao, S/o. Late M.Raghunath Rao Aged about 74 Years, Occ: Retd Syndicate Bank Employee C/o H.No 1-11 Lingsugur Road, Behind Basaveshwar Hospital, Basaveshwara Nagar Raichur Karnataka-584101
Take notice that plaintiffs herein has filed the suit for Rectification of the Boundary in respect of Sale deed document No 3061 of 2002 dated 25/11/2002 under Specific Relief Act in respect of "All that flat No 204 First Floor, M No. 3-4-130 & 3-4-130/1 of Hima Apartments situated at Lingampally Barkatpura Hyderabad against you and Suit is decreed and Decree holder has filed Execution petition for execution of decree. That above EP stands posted on 17-10-2025 for your appearance. As such you can appear in person or through your counsel at 10.30 A.M on the above date before the Hon'ble Court, failing which orders will be passed in your absent.
(BY THE ORDER OF THE COURT)
PRAMOD KINHALKAR
ADVOCATE
R/o Flat No 209 Sharada shelter Gaddinaram Dilsukhnagar HYDERABAD
Mobile No 9246545804
ವಿವಿಧೆಡೆ ದಸರಾ ಮಹೋತ್ಸವ- ರವಿ ಬೋಸರಾಜು ಅವರಿಂದ ವಿಶೇಷ ಪೂಜೆ ಸಲ್ಲಿಕೆ
ನವರಾತ್ರಿ ದಸರಾ ಹಬ್ಬ ನಾಡಿನ ಸೌಹಾರ್ದತೆಯ ಹಬ್ಬ- ರವಿ ಬೋಸರಾಜು
ಸಂಜೆವಾಣಿ ವಾರ್ತೆ
ರಾಯಚೂರು,ಅ.02- ನಾಡಿನ ಬಹುದೊಡ್ಡ ಹಬ್ಬವಾದ ನವರಾತ್ರಿ ದಸರಾ ಹಬ್ಬವು ನಾಡಿನ ಸೌಹಾರ್ದತೆಯ ಹಬ್ಬವಾಗಿದೆ. ಕೋಮು ಸೌಹಾರ್ದತೆ ನಮ್ಮ ನಾಡಿನ ಹೆಮ್ಮೆ ಎಂದು ಮುಖಂಡ ರವಿ ಬೋಸರಾಜು ಹೇಳಿದರು. ನಗರದ ವಿವಿಧ ದುರ್ಗಾ ಪೆಂಡಾಲ್‌ಗಳಿಗೆ ಭೇಟಿ ನೀಡಿ ವಿಶೇಷ ಪೂಜೆ ಸಲ್ಲಿಸಿ ಅವರು ಮಾತನಾಡಿದರು.
ದುರ್ಗಾದೇವಿ ಪೆಂಡಾಲ್‌ನಲ್ಲಿ ವಿಶೇಷ ಪೂಜೆ ಸಲ್ಲಿಸಿದ ರವಿ ಬೋಸರಾಜು ಹಾಗೂ ಗಣ್ಯರು.
ಮುಂಜಾನೆಯಿಂದಲೇ ಭಕ್ತರು ಪೆಂಡಾಲ್‌ಗಳಿಗೆ ಆಗಮಿಸಿ ದೇವಿಯ ದರ್ಶನ ಪಡೆದರು. ರಾಯಚೂರಿನ ಗಂಜ್ ವೃತ್ತ, ಸೂಪರ್ ಮಾರ್ಕೆಟ್, ಶಕ್ತಿನಗರ ಸೇರಿದಂತೆ ವಿವಿಧೆಡೆ ಪ್ರತಿಷ್ಠಾಪಿಸಿರುವ ದುರ್ಗಾದೇವಿ ಮೂರ್ತಿಗಳಿಗೆ ಪೂಜೆ ಸಲ್ಲಿಸಲಾಯಿತು.
ನವರಾತ್ರಿಯ ಒಂಬತ್ತು ದಿನಗಳು ನಾಡಿನ ಜನತೆ ಭಕ್ತಿ ಭಾವದಿಂದ ದೇವಿಯನ್ನು ಆರಾಧಿಸುತ್ತಾರೆ. ಈ ಹಬ್ಬ ಎಲ್ಲ ಜಾತಿ, ಧರ್ಮದ ಜನರನ್ನು ಒಂದುಗೂಡಿಸುವ ಹಬ್ಬವಾಗಿದೆ ಎಂದು ರವಿ ಬೋಸರಾಜು ಹೇಳಿದರು. ಈ ಸಂದರ್ಭದಲ್ಲಿ ಮುಖಂಡರಾದ ಶ್ರೀನಿವಾಸ, ವೆಂಕಟೇಶ, ಮಹೇಶ, ಅಂಜನೇಯ, ನರಸಿಂಹ, ರಾಮು, ಕೃಷ್ಣ ಸೇರಿದಂತೆ ಹಲವರು ಉಪಸ್ಥಿತರಿದ್ದರು. ಪೆಂಡಾಲ್ ಸಮಿತಿ ವತಿಯಿಂದ ರವಿ ಬೋಸರಾಜು ಅವರನ್ನು ಸನ್ಮಾನಿಸಲಾಯಿತು. ವಿಜಯದಶಮಿಯಂದು ನಡೆಯುವ ಮೂರ್ತಿ ವಿಸರ್ಜನಾ ಮೆರವಣಿಗೆಗೆ ಅಗತ್ಯ ಸಿದ್ಧತೆ ಮಾಡಿಕೊಳ್ಳಲಾಗಿದೆ ಎಂದು ಸಮಿತಿ ಪದಾಧಿಕಾರಿಗಳು ತಿಳಿಸಿದರು. ಯುವಕರು ಶಾಂತಿ, ಸೌಹಾರ್ದತೆಯಿಂದ ಹಬ್ಬ ಆಚರಿಸಬೇಕು ಎಂದು ಮನವಿ ಮಾಡಿದರು. ಪೂಜಾ ಕಾರ್ಯಕ್ರಮದ ಬಳಿಕ ಭಕ್ತರಿಗೆ ಪ್ರಸಾದ ವಿತರಿಸಲಾಯಿತು.
Edited, Printed and Published by B.T. Amuthan on behalf of M/s Karnataka News Publications (P) Ltd., Printed at No. 12-3-221 Rajendra Gunj (apmc)Near Old SBI Bank Building, Raichur-584102. RNI No. KARKAN/2008/26484 Postal Regd No. 52/2012-2014
